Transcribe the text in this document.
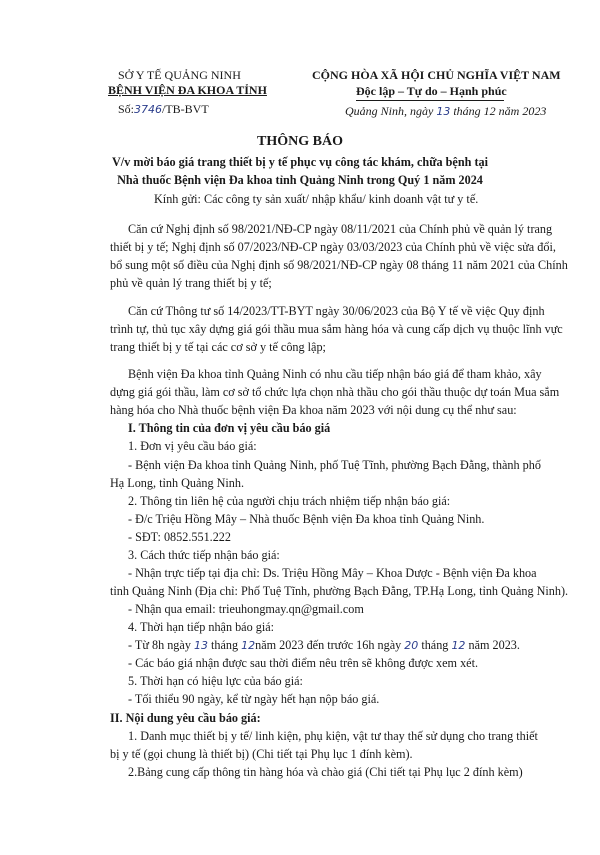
SỞ Y TẾ QUẢNG NINH
BỆNH VIỆN ĐA KHOA TỈNH
Số:3746/TB-BVT
CỘNG HÒA XÃ HỘI CHỦ NGHĨA VIỆT NAM
Độc lập – Tự do – Hạnh phúc
Quảng Ninh, ngày 13 tháng 12 năm 2023
THÔNG BÁO
V/v mời báo giá trang thiết bị y tế phục vụ công tác khám, chữa bệnh tại
Nhà thuốc Bệnh viện Đa khoa tỉnh Quảng Ninh trong Quý 1 năm 2024
Kính gửi: Các công ty sản xuất/ nhập khẩu/ kinh doanh vật tư y tế.
Căn cứ Nghị định số 98/2021/NĐ-CP ngày 08/11/2021 của Chính phủ về quản lý trang
thiết bị y tế; Nghị định số 07/2023/NĐ-CP ngày 03/03/2023 của Chính phủ về việc sửa đổi,
bổ sung một số điều của Nghị định số 98/2021/NĐ-CP ngày 08 tháng 11 năm 2021 của Chính
phủ về quản lý trang thiết bị y tế;
Căn cứ Thông tư số 14/2023/TT-BYT ngày 30/06/2023 của Bộ Y tế về việc Quy định
trình tự, thủ tục xây dựng giá gói thầu mua sắm hàng hóa và cung cấp dịch vụ thuộc lĩnh vực
trang thiết bị y tế tại các cơ sở y tế công lập;
Bệnh viện Đa khoa tỉnh Quảng Ninh có nhu cầu tiếp nhận báo giá để tham khảo, xây
dựng giá gói thầu, làm cơ sở tổ chức lựa chọn nhà thầu cho gói thầu thuộc dự toán Mua sắm
hàng hóa cho Nhà thuốc bệnh viện Đa khoa năm 2023 với nội dung cụ thể như sau:
I. Thông tin của đơn vị yêu cầu báo giá
1. Đơn vị yêu cầu báo giá:
- Bệnh viện Đa khoa tỉnh Quảng Ninh, phố Tuệ Tĩnh, phường Bạch Đằng, thành phố
Hạ Long, tỉnh Quảng Ninh.
2. Thông tin liên hệ của người chịu trách nhiệm tiếp nhận báo giá:
- Đ/c Triệu Hồng Mây – Nhà thuốc Bệnh viện Đa khoa tỉnh Quảng Ninh.
- SĐT: 0852.551.222
3. Cách thức tiếp nhận báo giá:
- Nhận trực tiếp tại địa chỉ: Ds. Triệu Hồng Mây – Khoa Dược - Bệnh viện Đa khoa
tỉnh Quảng Ninh (Địa chỉ: Phố Tuệ Tĩnh, phường Bạch Đằng, TP.Hạ Long, tỉnh Quảng Ninh).
- Nhận qua email: trieuhongmay.qn@gmail.com
4. Thời hạn tiếp nhận báo giá:
- Từ 8h ngày 13 tháng 12năm 2023 đến trước 16h ngày 20 tháng 12 năm 2023.
- Các báo giá nhận được sau thời điểm nêu trên sẽ không được xem xét.
5. Thời hạn có hiệu lực của báo giá:
- Tối thiểu 90 ngày, kể từ ngày hết hạn nộp báo giá.
II. Nội dung yêu cầu báo giá:
1. Danh mục thiết bị y tế/ linh kiện, phụ kiện, vật tư thay thế sử dụng cho trang thiết
bị y tế (gọi chung là thiết bị) (Chi tiết tại Phụ lục 1 đính kèm).
2.Bảng cung cấp thông tin hàng hóa và chào giá (Chi tiết tại Phụ lục 2 đính kèm)
